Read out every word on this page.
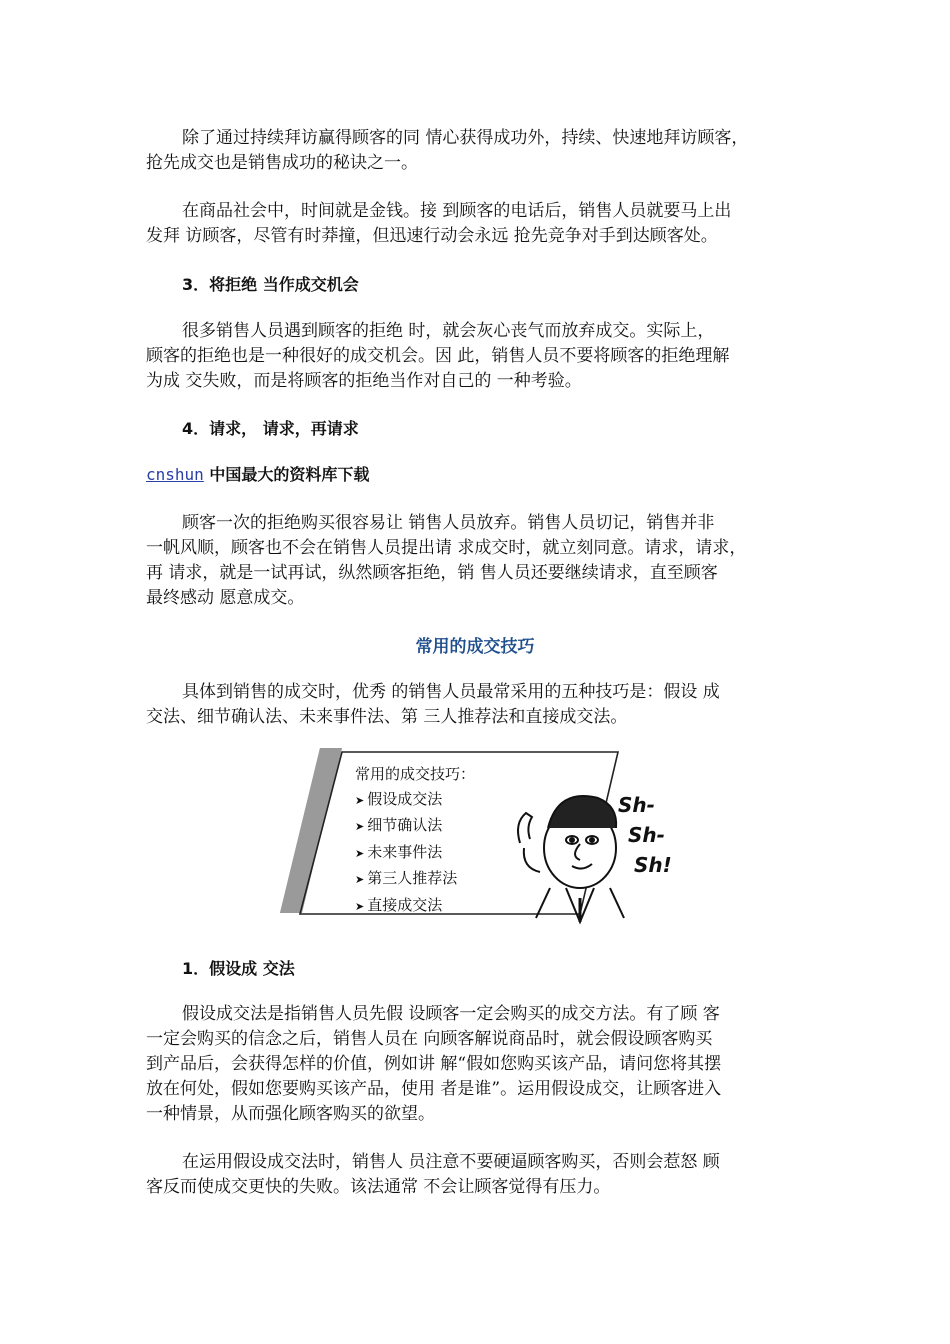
除了通过持续拜访赢得顾客的同 情心获得成功外，持续、快速地拜访顾客，
抢先成交也是销售成功的秘诀之一。
在商品社会中，时间就是金钱。接 到顾客的电话后，销售人员就要马上出
发拜 访顾客，尽管有时莽撞，但迅速行动会永远 抢先竞争对手到达顾客处。
3．将拒绝 当作成交机会
很多销售人员遇到顾客的拒绝 时，就会灰心丧气而放弃成交。实际上，
顾客的拒绝也是一种很好的成交机会。因 此，销售人员不要将顾客的拒绝理解
为成 交失败，而是将顾客的拒绝当作对自己的 一种考验。
4．请求， 请求，再请求
cnshun 中国最大的资料库下载
顾客一次的拒绝购买很容易让 销售人员放弃。销售人员切记，销售并非
一帆风顺，顾客也不会在销售人员提出请 求成交时，就立刻同意。请求，请求，
再 请求，就是一试再试，纵然顾客拒绝，销 售人员还要继续请求，直至顾客
最终感动 愿意成交。
常用的成交技巧
具体到销售的成交时，优秀 的销售人员最常采用的五种技巧是：假设 成
交法、细节确认法、未来事件法、第 三人推荐法和直接成交法。
常用的成交技巧：
➤ 假设成交法
➤ 细节确认法
➤ 未来事件法
➤ 第三人推荐法
➤ 直接成交法
Sh-
Sh-
Sh!
1．假设成 交法
假设成交法是指销售人员先假 设顾客一定会购买的成交方法。有了顾 客
一定会购买的信念之后，销售人员在 向顾客解说商品时，就会假设顾客购买
到产品后，会获得怎样的价值，例如讲 解“假如您购买该产品，请问您将其摆
放在何处，假如您要购买该产品，使用 者是谁”。运用假设成交，让顾客进入
一种情景，从而强化顾客购买的欲望。
在运用假设成交法时，销售人 员注意不要硬逼顾客购买，否则会惹怒 顾
客反而使成交更快的失败。该法通常 不会让顾客觉得有压力。
